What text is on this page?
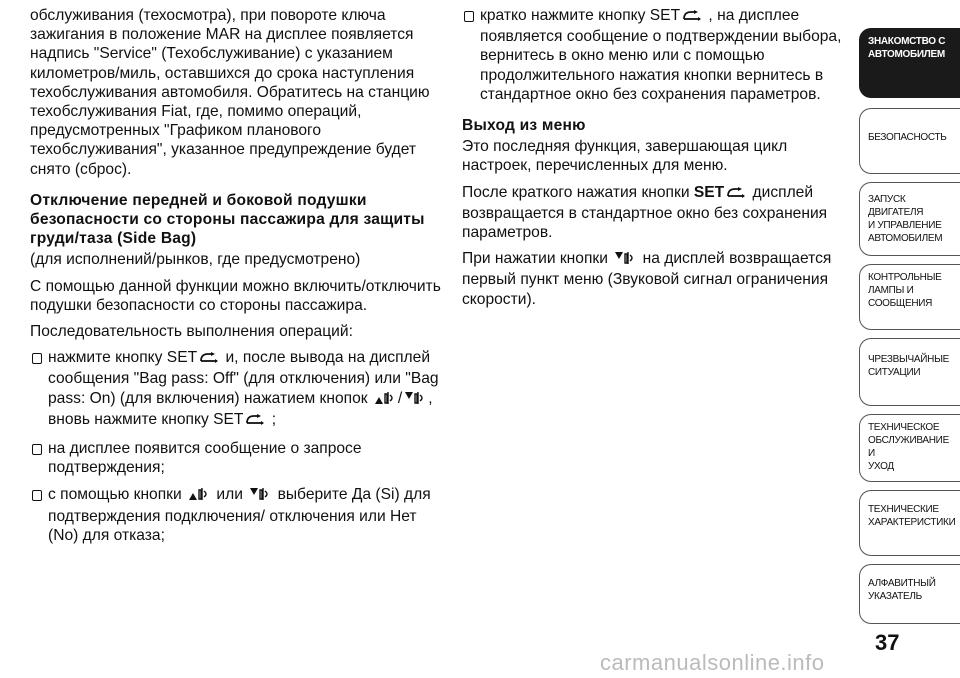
обслуживания (техосмотра), при повороте ключа зажигания в положение MAR на дисплее появляется надпись "Service" (Техобслуживание) с указанием километров/миль, оставшихся до срока наступления техобслуживания автомобиля. Обратитесь на станцию техобслуживания Fiat, где, помимо операций, предусмотренных "Графиком планового техобслуживания", указанное предупреждение будет снято (сброс).

Отключение передней и боковой подушки безопасности со стороны пассажира для защиты груди/таза (Side Bag)

(для исполнений/рынков, где предусмотрено)

С помощью данной функции можно включить/отключить подушки безопасности со стороны пассажира.

Последовательность выполнения операций:

нажмите кнопку SET и, после вывода на дисплей сообщения "Bag pass: Off" (для отключения) или "Bag pass: On) (для включения) нажатием кнопок / , вновь нажмите кнопку SET ;
на дисплее появится сообщение о запросе подтверждения;
с помощью кнопки  или  выберите Да (Si) для подтверждения подключения/ отключения или Нет (No) для отказа;
кратко нажмите кнопку SET , на дисплее появляется сообщение о подтверждении выбора, вернитесь в окно меню или с помощью продолжительного нажатия кнопки вернитесь в стандартное окно без сохранения параметров.

Выход из меню

Это последняя функция, завершающая цикл настроек, перечисленных для меню.

После краткого нажатия кнопки SET дисплей возвращается в стандартное окно без сохранения параметров.

При нажатии кнопки  на дисплей возвращается первый пункт меню (Звуковой сигнал ограничения скорости).

ЗНАКОМСТВО С
АВТОМОБИЛЕМ
БЕЗОПАСНОСТЬ
ЗАПУСК ДВИГАТЕЛЯ
И УПРАВЛЕНИЕ
АВТОМОБИЛЕМ
КОНТРОЛЬНЫЕ
ЛАМПЫ И
СООБЩЕНИЯ
ЧРЕЗВЫЧАЙНЫЕ
СИТУАЦИИ
ТЕХНИЧЕСКОЕ
ОБСЛУЖИВАНИЕ И
УХОД
ТЕХНИЧЕСКИЕ
ХАРАКТЕРИСТИКИ
АЛФАВИТНЫЙ
УКАЗАТЕЛЬ
37
carmanualsonline.info
